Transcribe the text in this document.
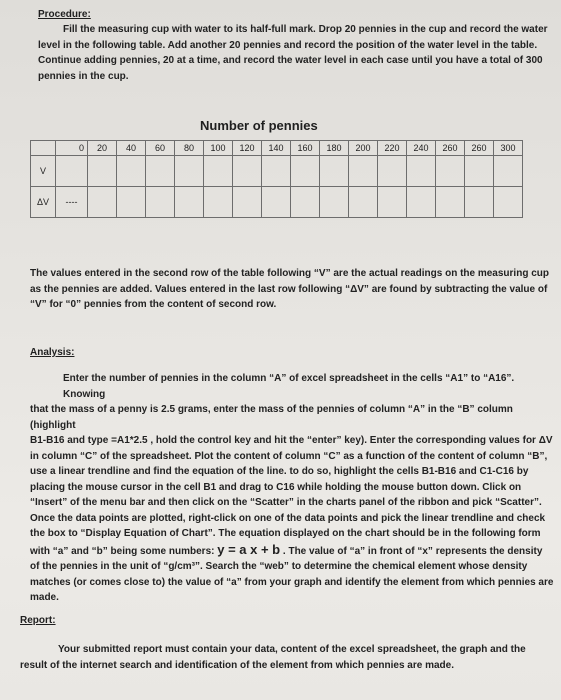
Procedure:

Fill the measuring cup with water to its half-full mark. Drop 20 pennies in the cup and record the water

level in the following table. Add another 20 pennies and record the position of the water level in the table.

Continue adding pennies, 20 at a time, and record the water level in each case until you have a total of 300

pennies in the cup.

Number of pennies
	0	20	40	60	80	100	120	140	160	180	200	220	240	260	260	300
V																
ΔV	----															

The values entered in the second row of the table following “V” are the actual readings on the measuring cup

as the pennies are added. Values entered in the last row following “ΔV” are found by subtracting the value of

“V” for “0” pennies from the content of second row.

Analysis:

Enter the number of pennies in the column “A” of excel spreadsheet in the cells “A1” to “A16”. Knowing

that the mass of a penny is 2.5 grams, enter the mass of the pennies of column “A” in the “B” column (highlight

B1-B16 and type =A1*2.5 , hold the control key and hit the “enter” key). Enter the corresponding values for ΔV

in column “C” of the spreadsheet. Plot the content of column “C” as a function of the content of column “B”,

use a linear trendline and find the equation of the line. to do so, highlight the cells B1-B16 and C1-C16 by

placing the mouse cursor in the cell B1 and drag to C16 while holding the mouse button down. Click on

“Insert” of the menu bar and then click on the “Scatter” in the charts panel of the ribbon and pick “Scatter”.

Once the data points are plotted, right-click on one of the data points and pick the linear trendline and check

the box to “Display Equation of Chart”. The equation displayed on the chart should be in the following form

with “a” and “b” being some numbers: y = a x + b . The value of “a” in front of “x” represents the density

of the pennies in the unit of “g/cm³”. Search the “web” to determine the chemical element whose density

matches (or comes close to) the value of “a” from your graph and identify the element from which pennies are

made.

Report:

Your submitted report must contain your data, content of the excel spreadsheet, the graph and the

result of the internet search and identification of the element from which pennies are made.
